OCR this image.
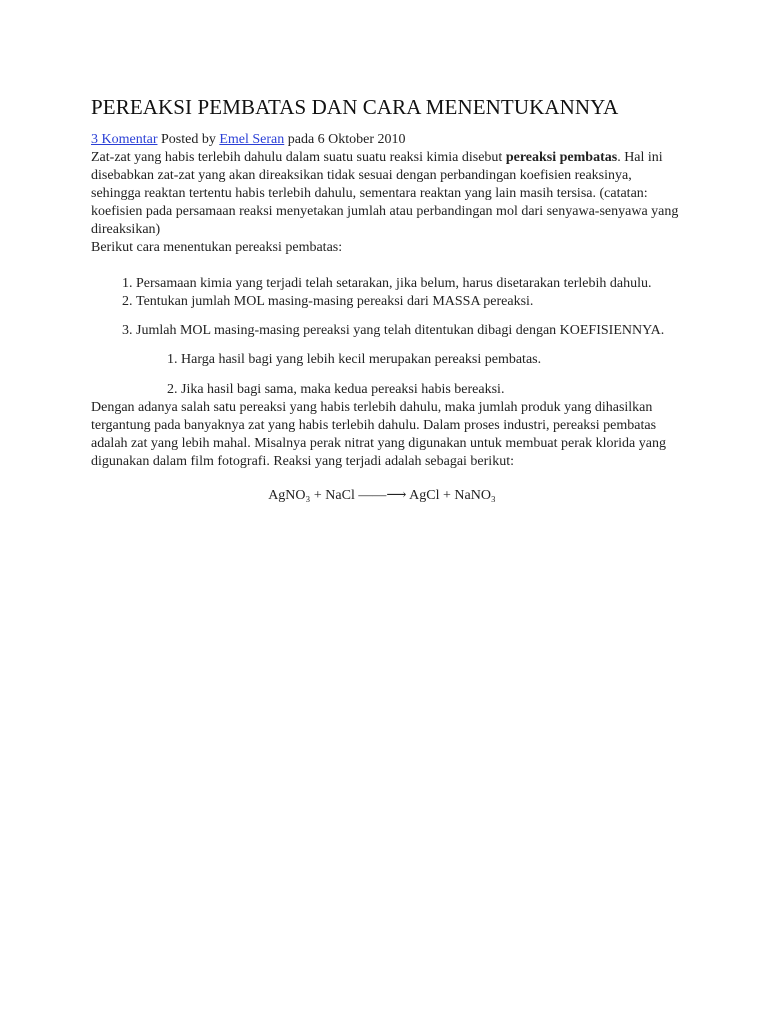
PEREAKSI PEMBATAS DAN CARA MENENTUKANNYA
3 Komentar Posted by Emel Seran pada 6 Oktober 2010

Zat-zat yang habis terlebih dahulu dalam suatu suatu reaksi kimia disebut pereaksi pembatas. Hal ini disebabkan zat-zat yang akan direaksikan tidak sesuai dengan perbandingan koefisien reaksinya, sehingga reaktan tertentu habis terlebih dahulu, sementara reaktan yang lain masih tersisa. (catatan: koefisien pada persamaan reaksi menyetakan jumlah atau perbandingan mol dari senyawa-senyawa yang direaksikan)

Berikut cara menentukan pereaksi pembatas:

1. Persamaan kimia yang terjadi telah setarakan, jika belum, harus disetarakan terlebih dahulu.
2. Tentukan jumlah MOL masing-masing pereaksi dari MASSA pereaksi.
3. Jumlah MOL masing-masing pereaksi yang telah ditentukan dibagi dengan KOEFISIENNYA.
1. Harga hasil bagi yang lebih kecil merupakan pereaksi pembatas.
2. Jika hasil bagi sama, maka kedua pereaksi habis bereaksi.

Dengan adanya salah satu pereaksi yang habis terlebih dahulu, maka jumlah produk yang dihasilkan tergantung pada banyaknya zat yang habis terlebih dahulu. Dalam proses industri, pereaksi pembatas adalah zat yang lebih mahal. Misalnya perak nitrat yang digunakan untuk membuat perak klorida yang digunakan dalam film fotografi. Reaksi yang terjadi adalah sebagai berikut:

AgNO₃ + NaCl ——⟶ AgCl + NaNO₃
